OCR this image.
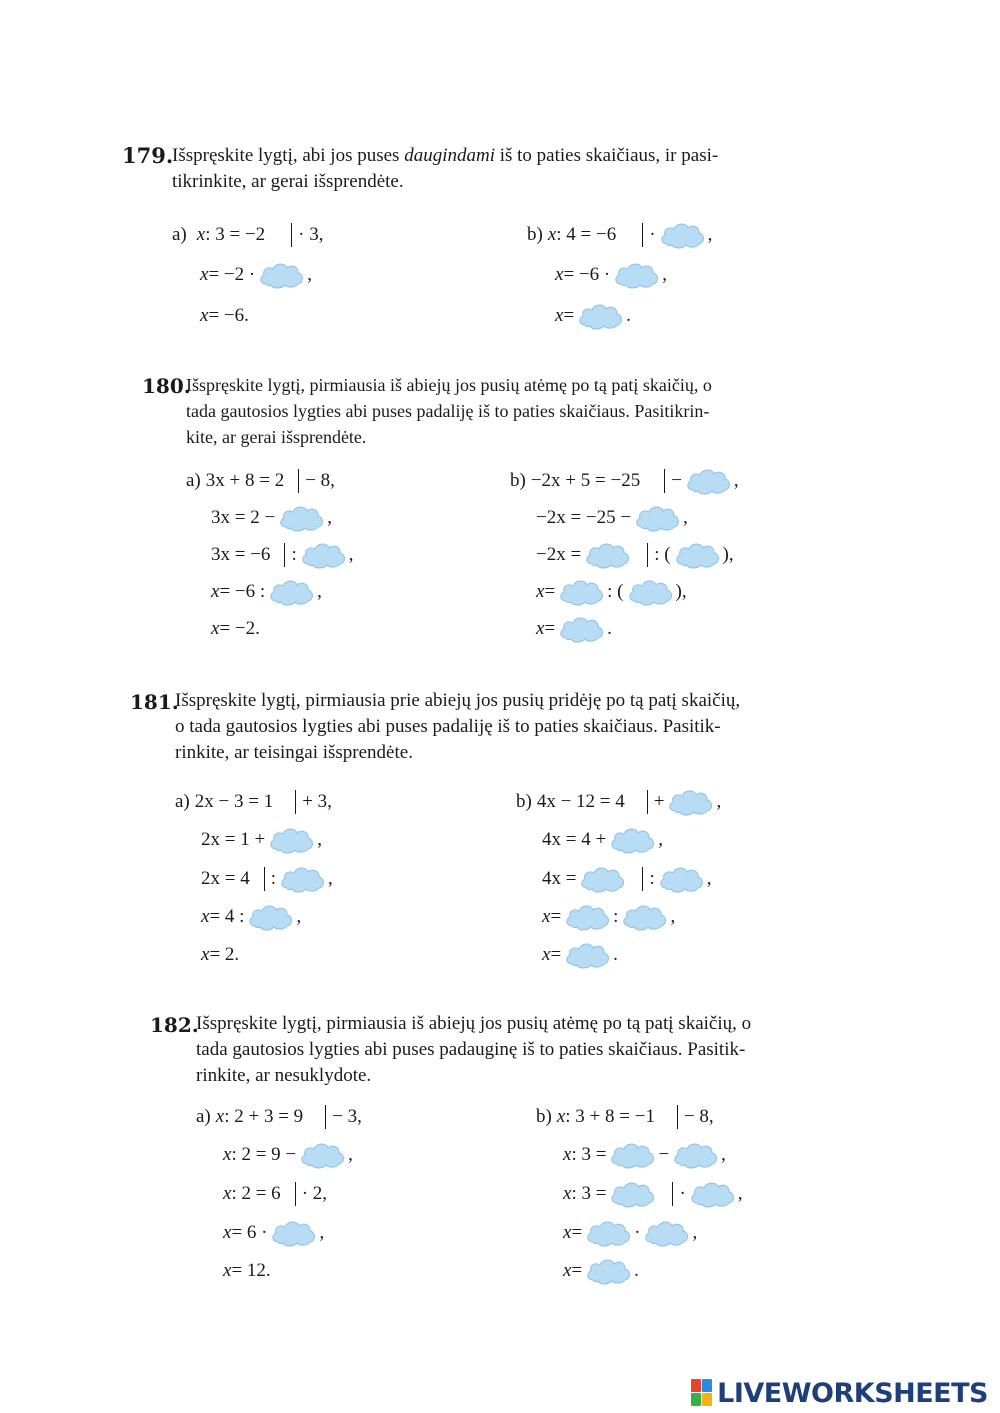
179.
Išspręskite lygtį, abi jos puses daugindami iš to paties skaičiaus, ir pasi-
tikrinkite, ar gerai išsprendėte.
a) x : 3 = −2 · 3,
x = −2 ·	,
x = −6.
b) x : 4 = −6 ·	,
x = −6 ·	,
x =	.
180.
Išspręskite lygtį, pirmiausia iš abiejų jos pusių atėmę po tą patį skaičių, o
tada gautosios lygties abi puses padaliję iš to paties skaičiaus. Pasitikrin-
kite, ar gerai išsprendėte.
a) 3x + 8 = 2 − 8,
3x = 2 −	,
3x = −6 :	,
x = −6 :	,
x = −2.
b) −2x + 5 = −25 −	,
−2x = −25 −	,
−2x =	: (	),
x =	: (	),
x =	.
181.
Išspręskite lygtį, pirmiausia prie abiejų jos pusių pridėję po tą patį skaičių,
o tada gautosios lygties abi puses padaliję iš to paties skaičiaus. Pasitik-
rinkite, ar teisingai išsprendėte.
a) 2x − 3 = 1 + 3,
2x = 1 +	,
2x = 4 :	,
x = 4 :	,
x = 2.
b) 4x − 12 = 4 +	,
4x = 4 +	,
4x =	:	,
x =	:	,
x =	.
182.
Išspręskite lygtį, pirmiausia iš abiejų jos pusių atėmę po tą patį skaičių, o
tada gautosios lygties abi puses padauginę iš to paties skaičiaus. Pasitik-
rinkite, ar nesuklydote.
a) x : 2 + 3 = 9 − 3,
x : 2 = 9 −	,
x : 2 = 6 · 2,
x = 6 ·	,
x = 12.
b) x : 3 + 8 = −1 − 8,
x : 3 =	−	,
x : 3 =	·	,
x =	·	,
x =	.
LIVEWORKSHEETS
